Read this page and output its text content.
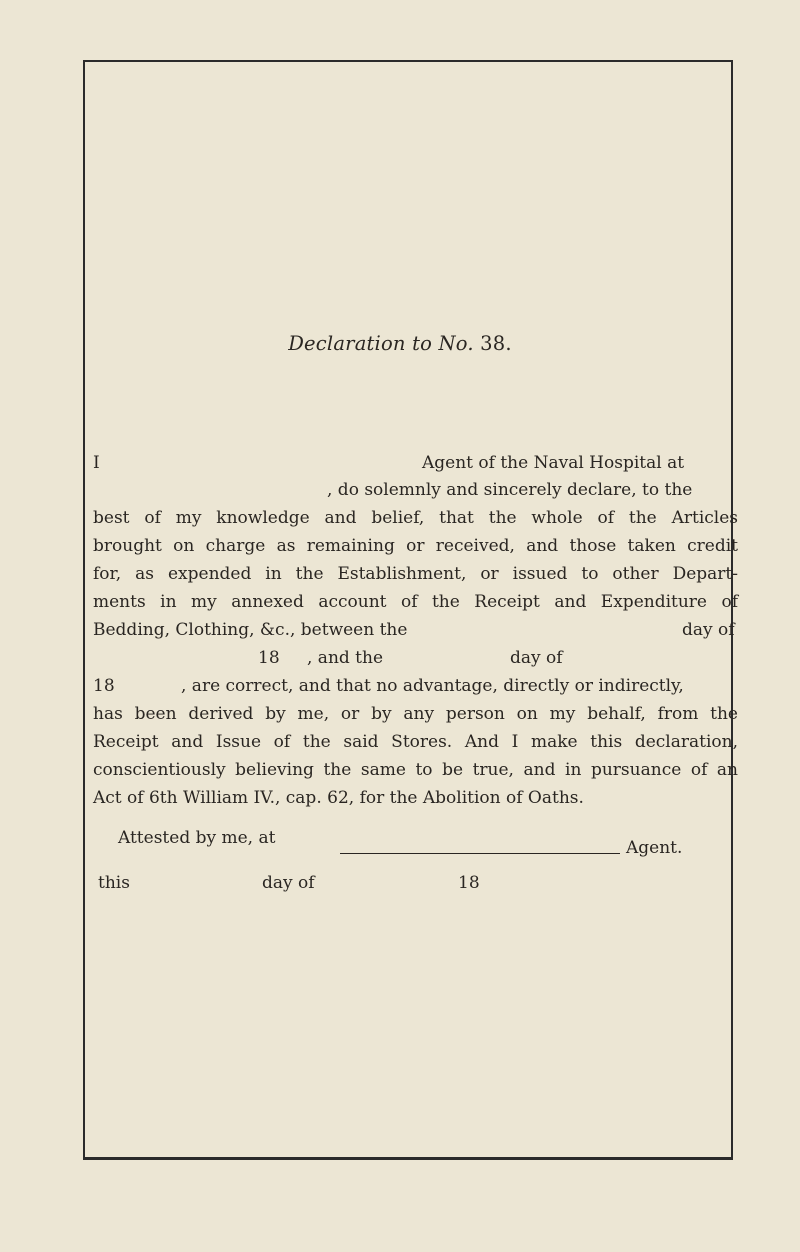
Declaration to No. 38.
I	Agent of the Naval Hospital at
, do solemnly and sincerely declare, to the
best of my knowledge and belief, that the whole of the Articles
brought on charge as remaining or received, and those taken credit
for, as expended in the Establishment, or issued to other Depart-
ments in my annexed account of the Receipt and Expenditure of
Bedding, Clothing, &c., between the	day of
18 , and the	day of
18	, are correct, and that no advantage, directly or indirectly,
has been derived by me, or by any person on my behalf, from the
Receipt and Issue of the said Stores. And I make this declaration,
conscientiously believing the same to be true, and in pursuance of an
Act of 6th William IV., cap. 62, for the Abolition of Oaths.
Attested by me, at	Agent.
this	day of	18
